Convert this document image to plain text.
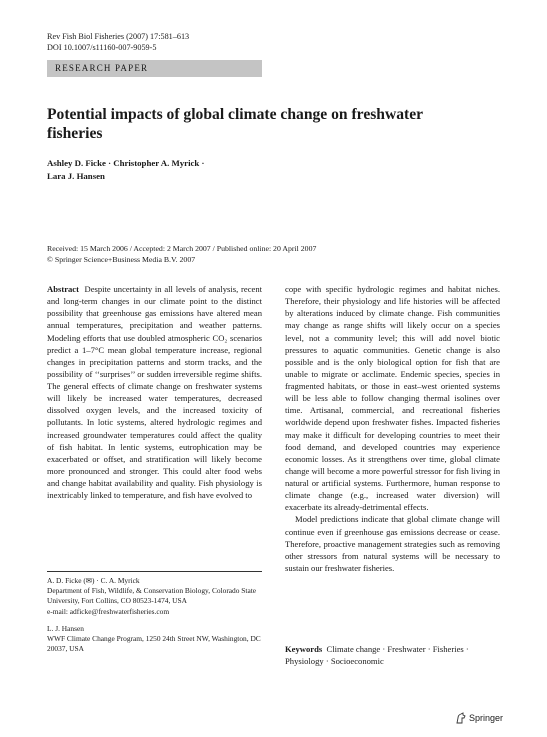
Rev Fish Biol Fisheries (2007) 17:581–613
DOI 10.1007/s11160-007-9059-5
RESEARCH PAPER
Potential impacts of global climate change on freshwater fisheries
Ashley D. Ficke · Christopher A. Myrick ·
Lara J. Hansen
Received: 15 March 2006 / Accepted: 2 March 2007 / Published online: 20 April 2007
© Springer Science+Business Media B.V. 2007

Abstract Despite uncertainty in all levels of analysis, recent and long-term changes in our climate point to the distinct possibility that greenhouse gas emissions have altered mean annual temperatures, precipitation and weather patterns. Modeling efforts that use doubled atmospheric CO₂ scenarios predict a 1–7°C mean global temperature increase, regional changes in precipitation patterns and storm tracks, and the possibility of ‘‘surprises’’ or sudden irreversible regime shifts. The general effects of climate change on freshwater systems will likely be increased water temperatures, decreased dissolved oxygen levels, and the increased toxicity of pollutants. In lotic systems, altered hydrologic regimes and increased groundwater temperatures could affect the quality of fish habitat. In lentic systems, eutrophication may be exacerbated or offset, and stratification will likely become more pronounced and stronger. This could alter food webs and change habitat availability and quality. Fish physiology is inextricably linked to temperature, and fish have evolved to

A. D. Ficke (✉) · C. A. Myrick

Department of Fish, Wildlife, & Conservation Biology, Colorado State University, Fort Collins, CO 80523-1474, USA

e-mail: adficke@freshwaterfisheries.com

L. J. Hansen

WWF Climate Change Program, 1250 24th Street NW, Washington, DC 20037, USA

cope with specific hydrologic regimes and habitat niches. Therefore, their physiology and life histories will be affected by alterations induced by climate change. Fish communities may change as range shifts will likely occur on a species level, not a community level; this will add novel biotic pressures to aquatic communities. Genetic change is also possible and is the only biological option for fish that are unable to migrate or acclimate. Endemic species, species in fragmented habitats, or those in east–west oriented systems will be less able to follow changing thermal isolines over time. Artisanal, commercial, and recreational fisheries worldwide depend upon freshwater fishes. Impacted fisheries may make it difficult for developing countries to meet their food demand, and developed countries may experience economic losses. As it strengthens over time, global climate change will become a more powerful stressor for fish living in natural or artificial systems. Furthermore, human response to climate change (e.g., increased water diversion) will exacerbate its already-detrimental effects.

Model predictions indicate that global climate change will continue even if greenhouse gas emissions decrease or cease. Therefore, proactive management strategies such as removing other stressors from natural systems will be necessary to sustain our freshwater fisheries.

Keywords Climate change · Freshwater · Fisheries · Physiology · Socioeconomic
Springer
